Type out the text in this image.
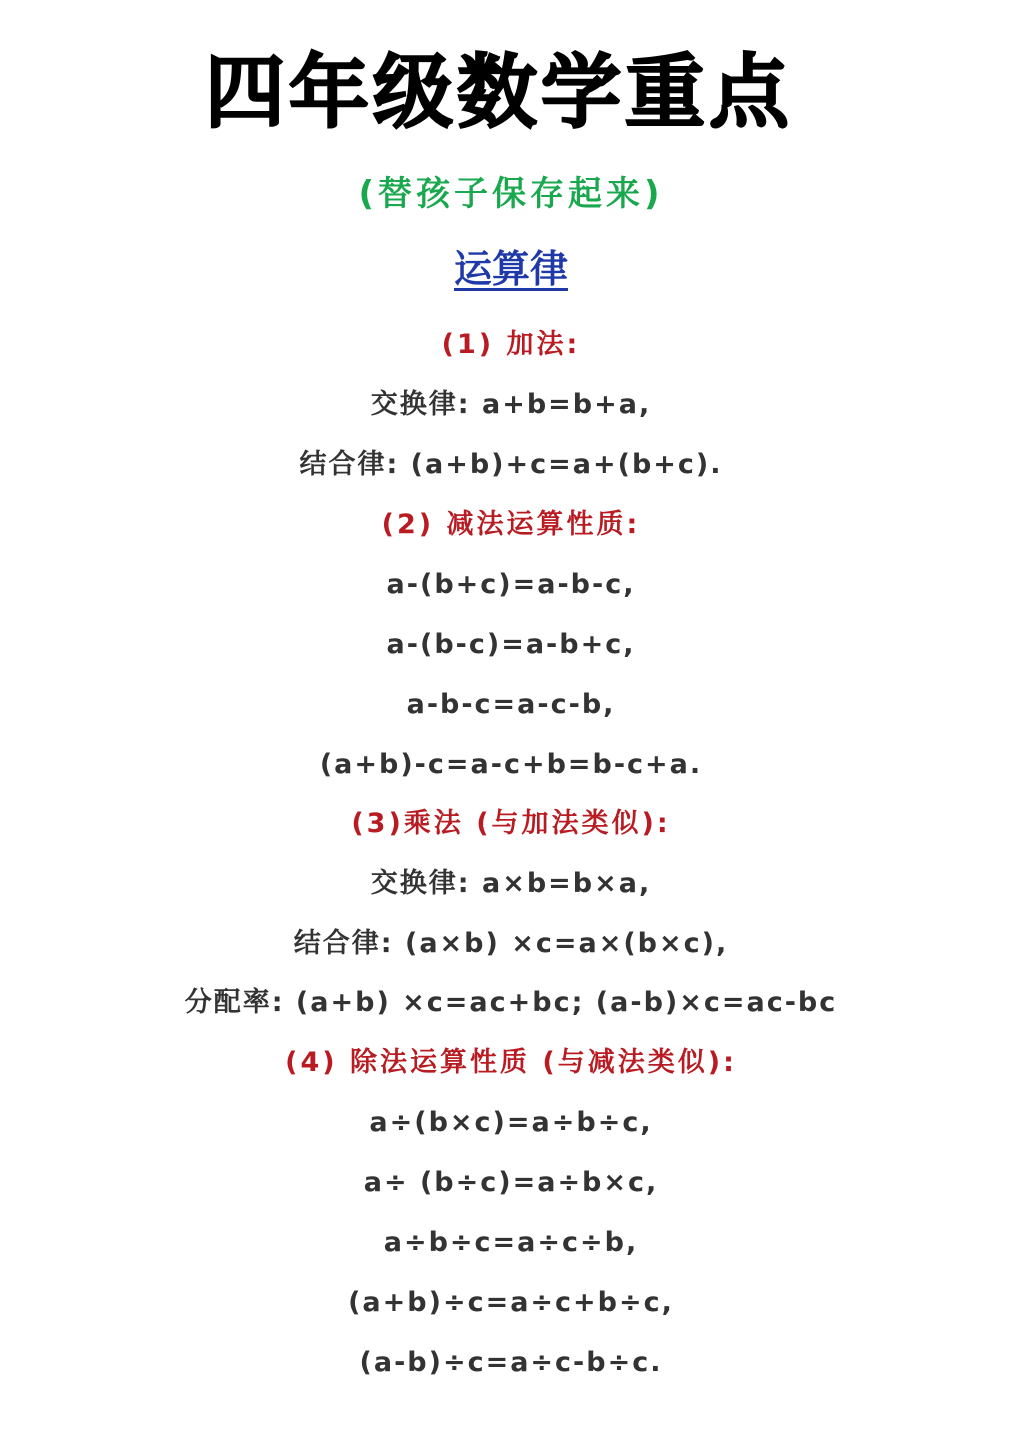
四年级数学重点
(替孩子保存起来)
运算律
(1) 加法:
交换律: a+b=b+a,
结合律: (a+b)+c=a+(b+c).
(2) 减法运算性质:
a-(b+c)=a-b-c,
a-(b-c)=a-b+c,
a-b-c=a-c-b,
(a+b)-c=a-c+b=b-c+a.
(3)乘法 (与加法类似):
交换律: a×b=b×a,
结合律: (a×b) ×c=a×(b×c),
分配率: (a+b) ×c=ac+bc; (a-b)×c=ac-bc
(4) 除法运算性质 (与减法类似):
a÷(b×c)=a÷b÷c,
a÷ (b÷c)=a÷b×c,
a÷b÷c=a÷c÷b,
(a+b)÷c=a÷c+b÷c,
(a-b)÷c=a÷c-b÷c.
